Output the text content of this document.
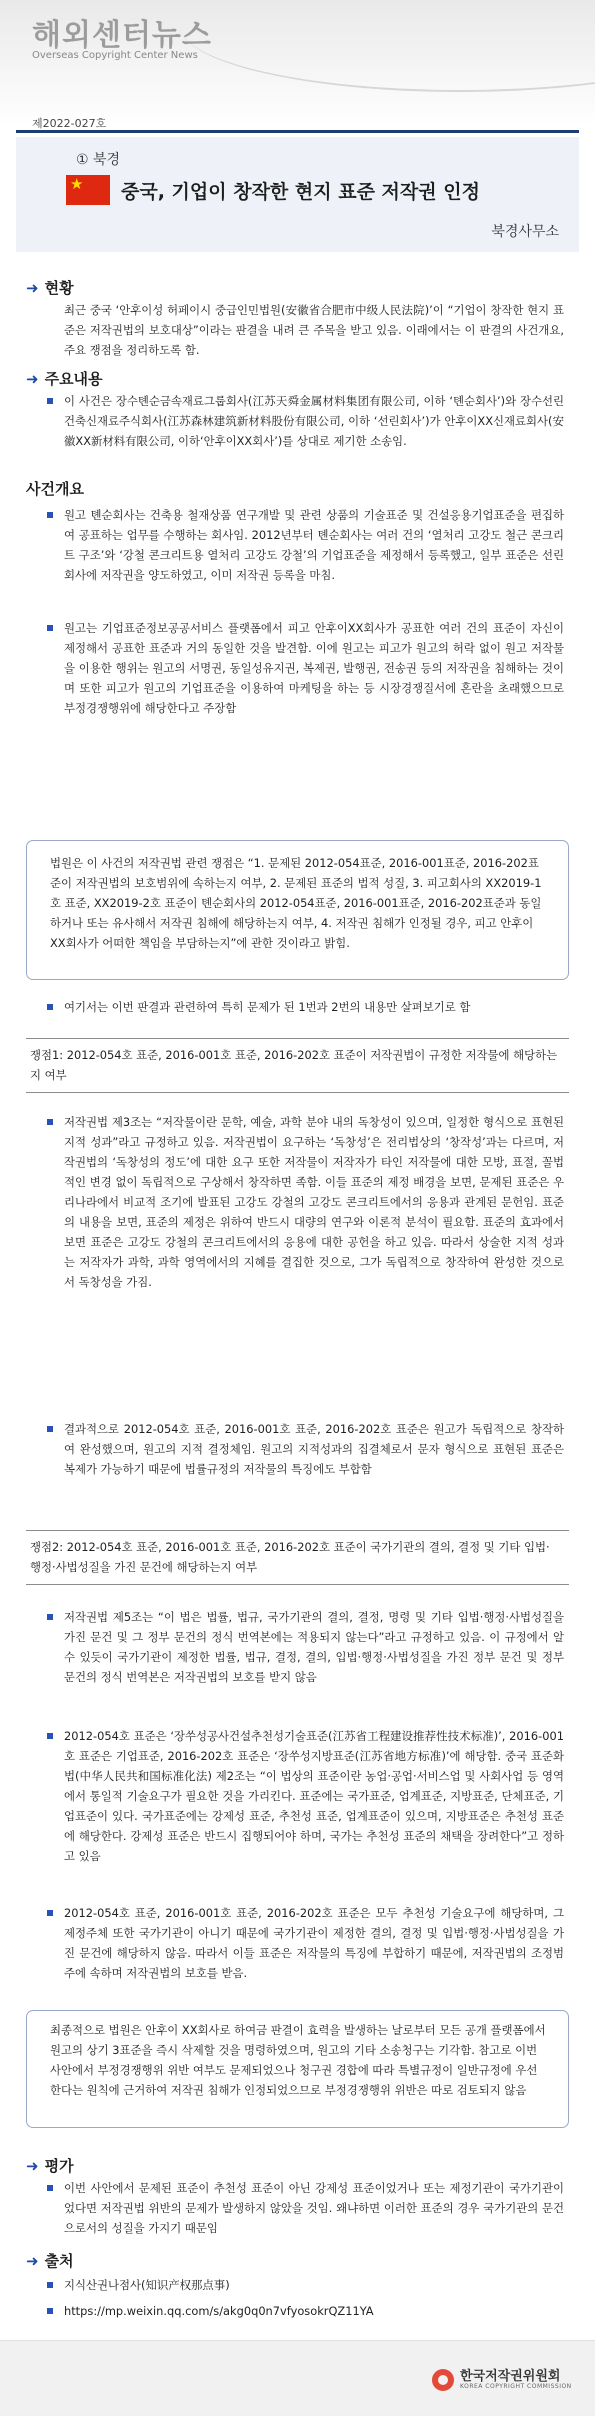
해외센터뉴스
Overseas Copyright Center News
제2022-027호
① 북경
★ 중국, 기업이 창작한 현지 표준 저작권 인정
북경사무소
➜ 현황
최근 중국 ‘안후이성 허페이시 중급인민법원(安徽省合肥市中级人民法院)’이 “기업이 창작한 현지 표준은 저작권법의 보호대상”이라는 판결을 내려 큰 주목을 받고 있음. 이래에서는 이 판결의 사건개요, 주요 쟁점을 정리하도록 함.
➜ 주요내용
이 사건은 장수톈순금속재료그룹회사(江苏天舜金属材料集团有限公司, 이하 ‘톈순회사’)와 장수선린건축신재료주식회사(江苏森林建筑新材料股份有限公司, 이하 ‘선린회사’)가 안후이XX신재료회사(安徽XX新材料有限公司, 이하‘안후이XX회사’)를 상대로 제기한 소송임.
사건개요
원고 톈순회사는 건축용 철재상품 연구개발 및 관련 상품의 기술표준 및 건설응용기업표준을 편집하여 공표하는 업무를 수행하는 회사임. 2012년부터 톈순회사는 여러 건의 ‘열처리 고강도 철근 콘크리트 구조’와 ‘강철 콘크리트용 열처리 고강도 강철’의 기업표준을 제정해서 등록했고, 일부 표준은 선린회사에 저작권을 양도하였고, 이미 저작권 등록을 마침.
원고는 기업표준정보공공서비스 플랫폼에서 피고 안후이XX회사가 공표한 여러 건의 표준이 자신이 제정해서 공표한 표준과 거의 동일한 것을 발견함. 이에 원고는 피고가 원고의 허락 없이 원고 저작물을 이용한 행위는 원고의 서명권, 동일성유지권, 복제권, 발행권, 전송권 등의 저작권을 침해하는 것이며 또한 피고가 원고의 기업표준을 이용하여 마케팅을 하는 등 시장경쟁질서에 혼란을 초래했으므로 부정경쟁행위에 해당한다고 주장함
법원은 이 사건의 저작권법 관련 쟁점은 “1. 문제된 2012-054표준, 2016-001표준, 2016-202표준이 저작권법의 보호범위에 속하는지 여부, 2. 문제된 표준의 법적 성질, 3. 피고회사의 XX2019-1호 표준, XX2019-2호 표준이 톈순회사의 2012-054표준, 2016-001표준, 2016-202표준과 동일하거나 또는 유사해서 저작권 침해에 해당하는지 여부, 4. 저작권 침해가 인정될 경우, 피고 안후이XX회사가 어떠한 책임을 부담하는지”에 관한 것이라고 밝힘.
여기서는 이번 판결과 관련하여 특히 문제가 된 1번과 2번의 내용만 살펴보기로 함
쟁점1: 2012-054호 표준, 2016-001호 표준, 2016-202호 표준이 저작권법이 규정한 저작물에 해당하는지 여부
저작권법 제3조는 “저작물이란 문학, 예술, 과학 분야 내의 독창성이 있으며, 일정한 형식으로 표현된 지적 성과”라고 규정하고 있음. 저작권법이 요구하는 ‘독창성’은 전리법상의 ‘창작성’과는 다르며, 저작권법의 ‘독창성의 정도’에 대한 요구 또한 저작물이 저작자가 타인 저작물에 대한 모방, 표절, 꼴법적인 변경 없이 독립적으로 구상해서 창작하면 족함. 이들 표준의 제정 배경을 보면, 문제된 표준은 우리나라에서 비교적 조기에 발표된 고강도 강철의 고강도 콘크리트에서의 응용과 관계된 문헌임. 표준의 내용을 보면, 표준의 제정은 위하여 반드시 대량의 연구와 이론적 분석이 필요함. 표준의 효과에서 보면 표준은 고강도 강철의 콘크리트에서의 응용에 대한 공헌을 하고 있음. 따라서 상술한 지적 성과는 저작자가 과학, 과학 영역에서의 지혜를 결집한 것으로, 그가 독립적으로 창작하여 완성한 것으로서 독창성을 가짐.
결과적으로 2012-054호 표준, 2016-001호 표준, 2016-202호 표준은 원고가 독립적으로 창작하여 완성했으며, 원고의 지적 결정체임. 원고의 지적성과의 집결체로서 문자 형식으로 표현된 표준은 복제가 가능하기 때문에 법률규정의 저작물의 특징에도 부합함
쟁점2: 2012-054호 표준, 2016-001호 표준, 2016-202호 표준이 국가기관의 결의, 결정 및 기타 입법·행정·사법성질을 가진 문건에 해당하는지 여부
저작권법 제5조는 “이 법은 법률, 법규, 국가기관의 결의, 결정, 명령 및 기타 입법·행정·사법성질을 가진 문건 및 그 정부 문건의 정식 번역본에는 적용되지 않는다”라고 규정하고 있음. 이 규정에서 알 수 있듯이 국가기관이 제정한 법률, 법규, 결정, 결의, 입법·행정·사법성질을 가진 정부 문건 및 정부 문건의 정식 번역본은 저작권법의 보호를 받지 않음
2012-054호 표준은 ‘장쑤성공사건설추천성기술표준(江苏省工程建设推荐性技术标准)’, 2016-001호 표준은 기업표준, 2016-202호 표준은 ‘장쑤성지방표준(江苏省地方标准)’에 해당함. 중국 표준화법(中华人民共和国标准化法) 제2조는 “이 법상의 표준이란 농업·공업·서비스업 및 사회사업 등 영역에서 통일적 기술요구가 필요한 것을 가리킨다. 표준에는 국가표준, 업계표준, 지방표준, 단체표준, 기업표준이 있다. 국가표준에는 강제성 표준, 추천성 표준, 업계표준이 있으며, 지방표준은 추천성 표준에 해당한다. 강제성 표준은 반드시 집행되어야 하며, 국가는 추천성 표준의 채택을 장려한다”고 정하고 있음
2012-054호 표준, 2016-001호 표준, 2016-202호 표준은 모두 추천성 기술요구에 해당하며, 그 제정주체 또한 국가기관이 아니기 때문에 국가기관이 제정한 결의, 결정 및 입법·행정·사법성질을 가진 문건에 해당하지 않음. 따라서 이들 표준은 저작물의 특징에 부합하기 때문에, 저작권법의 조정범주에 속하며 저작권법의 보호를 받음.
최종적으로 법원은 안후이 XX회사로 하여금 판결이 효력을 발생하는 날로부터 모든 공개 플랫폼에서 원고의 상기 3표준을 즉시 삭제할 것을 명령하였으며, 원고의 기타 소송청구는 기각함. 참고로 이번 사안에서 부정경쟁행위 위반 여부도 문제되었으나 청구권 경합에 따라 특별규정이 일반규정에 우선한다는 원칙에 근거하여 저작권 침해가 인정되었으므로 부정경쟁행위 위반은 따로 검토되지 않음
➜ 평가
이번 사안에서 문제된 표준이 추천성 표준이 아닌 강제성 표준이었거나 또는 제정기관이 국가기관이었다면 저작권법 위반의 문제가 발생하지 않았을 것임. 왜냐하면 이러한 표준의 경우 국가기관의 문건으로서의 성질을 가지기 때문임
➜ 출처
지식산권나점사(知识产权那点事)
https://mp.weixin.qq.com/s/akg0q0n7vfyosokrQZ11YA
한국저작권위원회
KOREA COPYRIGHT COMMISSION
